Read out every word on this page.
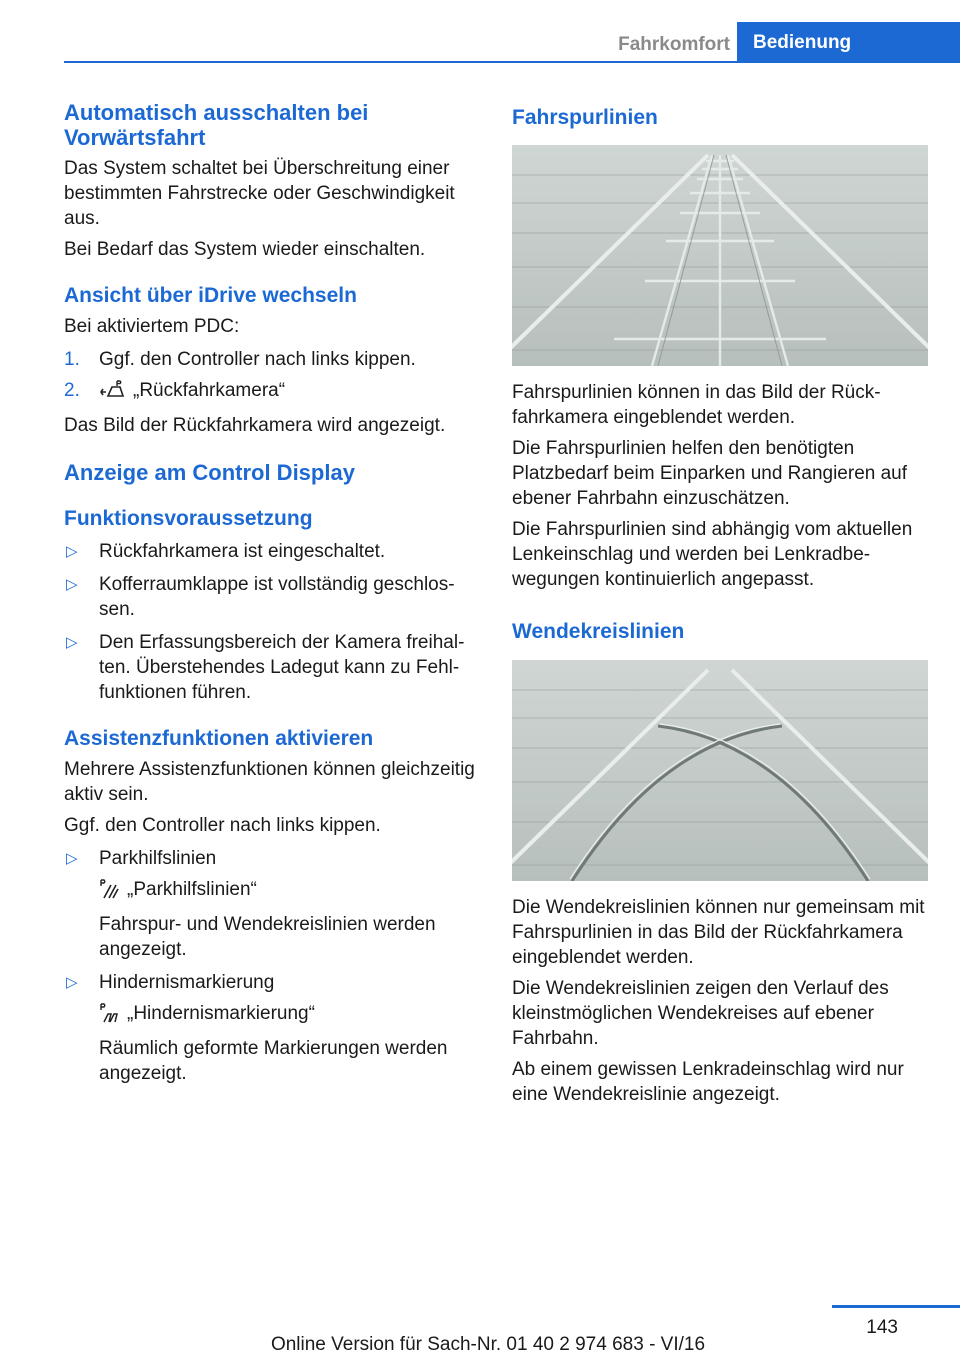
Fahrkomfort	Bedienung
Automatisch ausschalten bei Vorwärtsfahrt

Das System schaltet bei Überschreitung einer bestimmten Fahrstrecke oder Geschwindigkeit aus.

Bei Bedarf das System wieder einschalten.

Ansicht über iDrive wechseln

Bei aktiviertem PDC:

1. Ggf. den Controller nach links kippen.
2.	„Rückfahrkamera“

Das Bild der Rückfahrkamera wird angezeigt.

Anzeige am Control Display
Funktionsvoraussetzung
▷ Rückfahrkamera ist eingeschaltet.
▷ Kofferraumklappe ist vollständig geschlossen.
▷ Den Erfassungsbereich der Kamera freihalten. Überstehendes Ladegut kann zu Fehlfunktionen führen.
Assistenzfunktionen aktivieren

Mehrere Assistenzfunktionen können gleichzeitig aktiv sein.

Ggf. den Controller nach links kippen.

▷ Parkhilfslinien
„Parkhilfslinien“
Fahrspur- und Wendekreislinien werden angezeigt.
▷ Hindernismarkierung
„Hindernismarkierung“
Räumlich geformte Markierungen werden angezeigt.
Fahrspurlinien

Fahrspurlinien können in das Bild der Rückfahrkamera eingeblendet werden.

Die Fahrspurlinien helfen den benötigten Platzbedarf beim Einparken und Rangieren auf ebener Fahrbahn einzuschätzen.

Die Fahrspurlinien sind abhängig vom aktuellen Lenkeinschlag und werden bei Lenkradbewegungen kontinuierlich angepasst.

Wendekreislinien

Die Wendekreislinien können nur gemeinsam mit Fahrspurlinien in das Bild der Rückfahrkamera eingeblendet werden.

Die Wendekreislinien zeigen den Verlauf des kleinstmöglichen Wendekreises auf ebener Fahrbahn.

Ab einem gewissen Lenkradeinschlag wird nur eine Wendekreislinie angezeigt.

143
Online Version für Sach-Nr. 01 40 2 974 683 - VI/16
